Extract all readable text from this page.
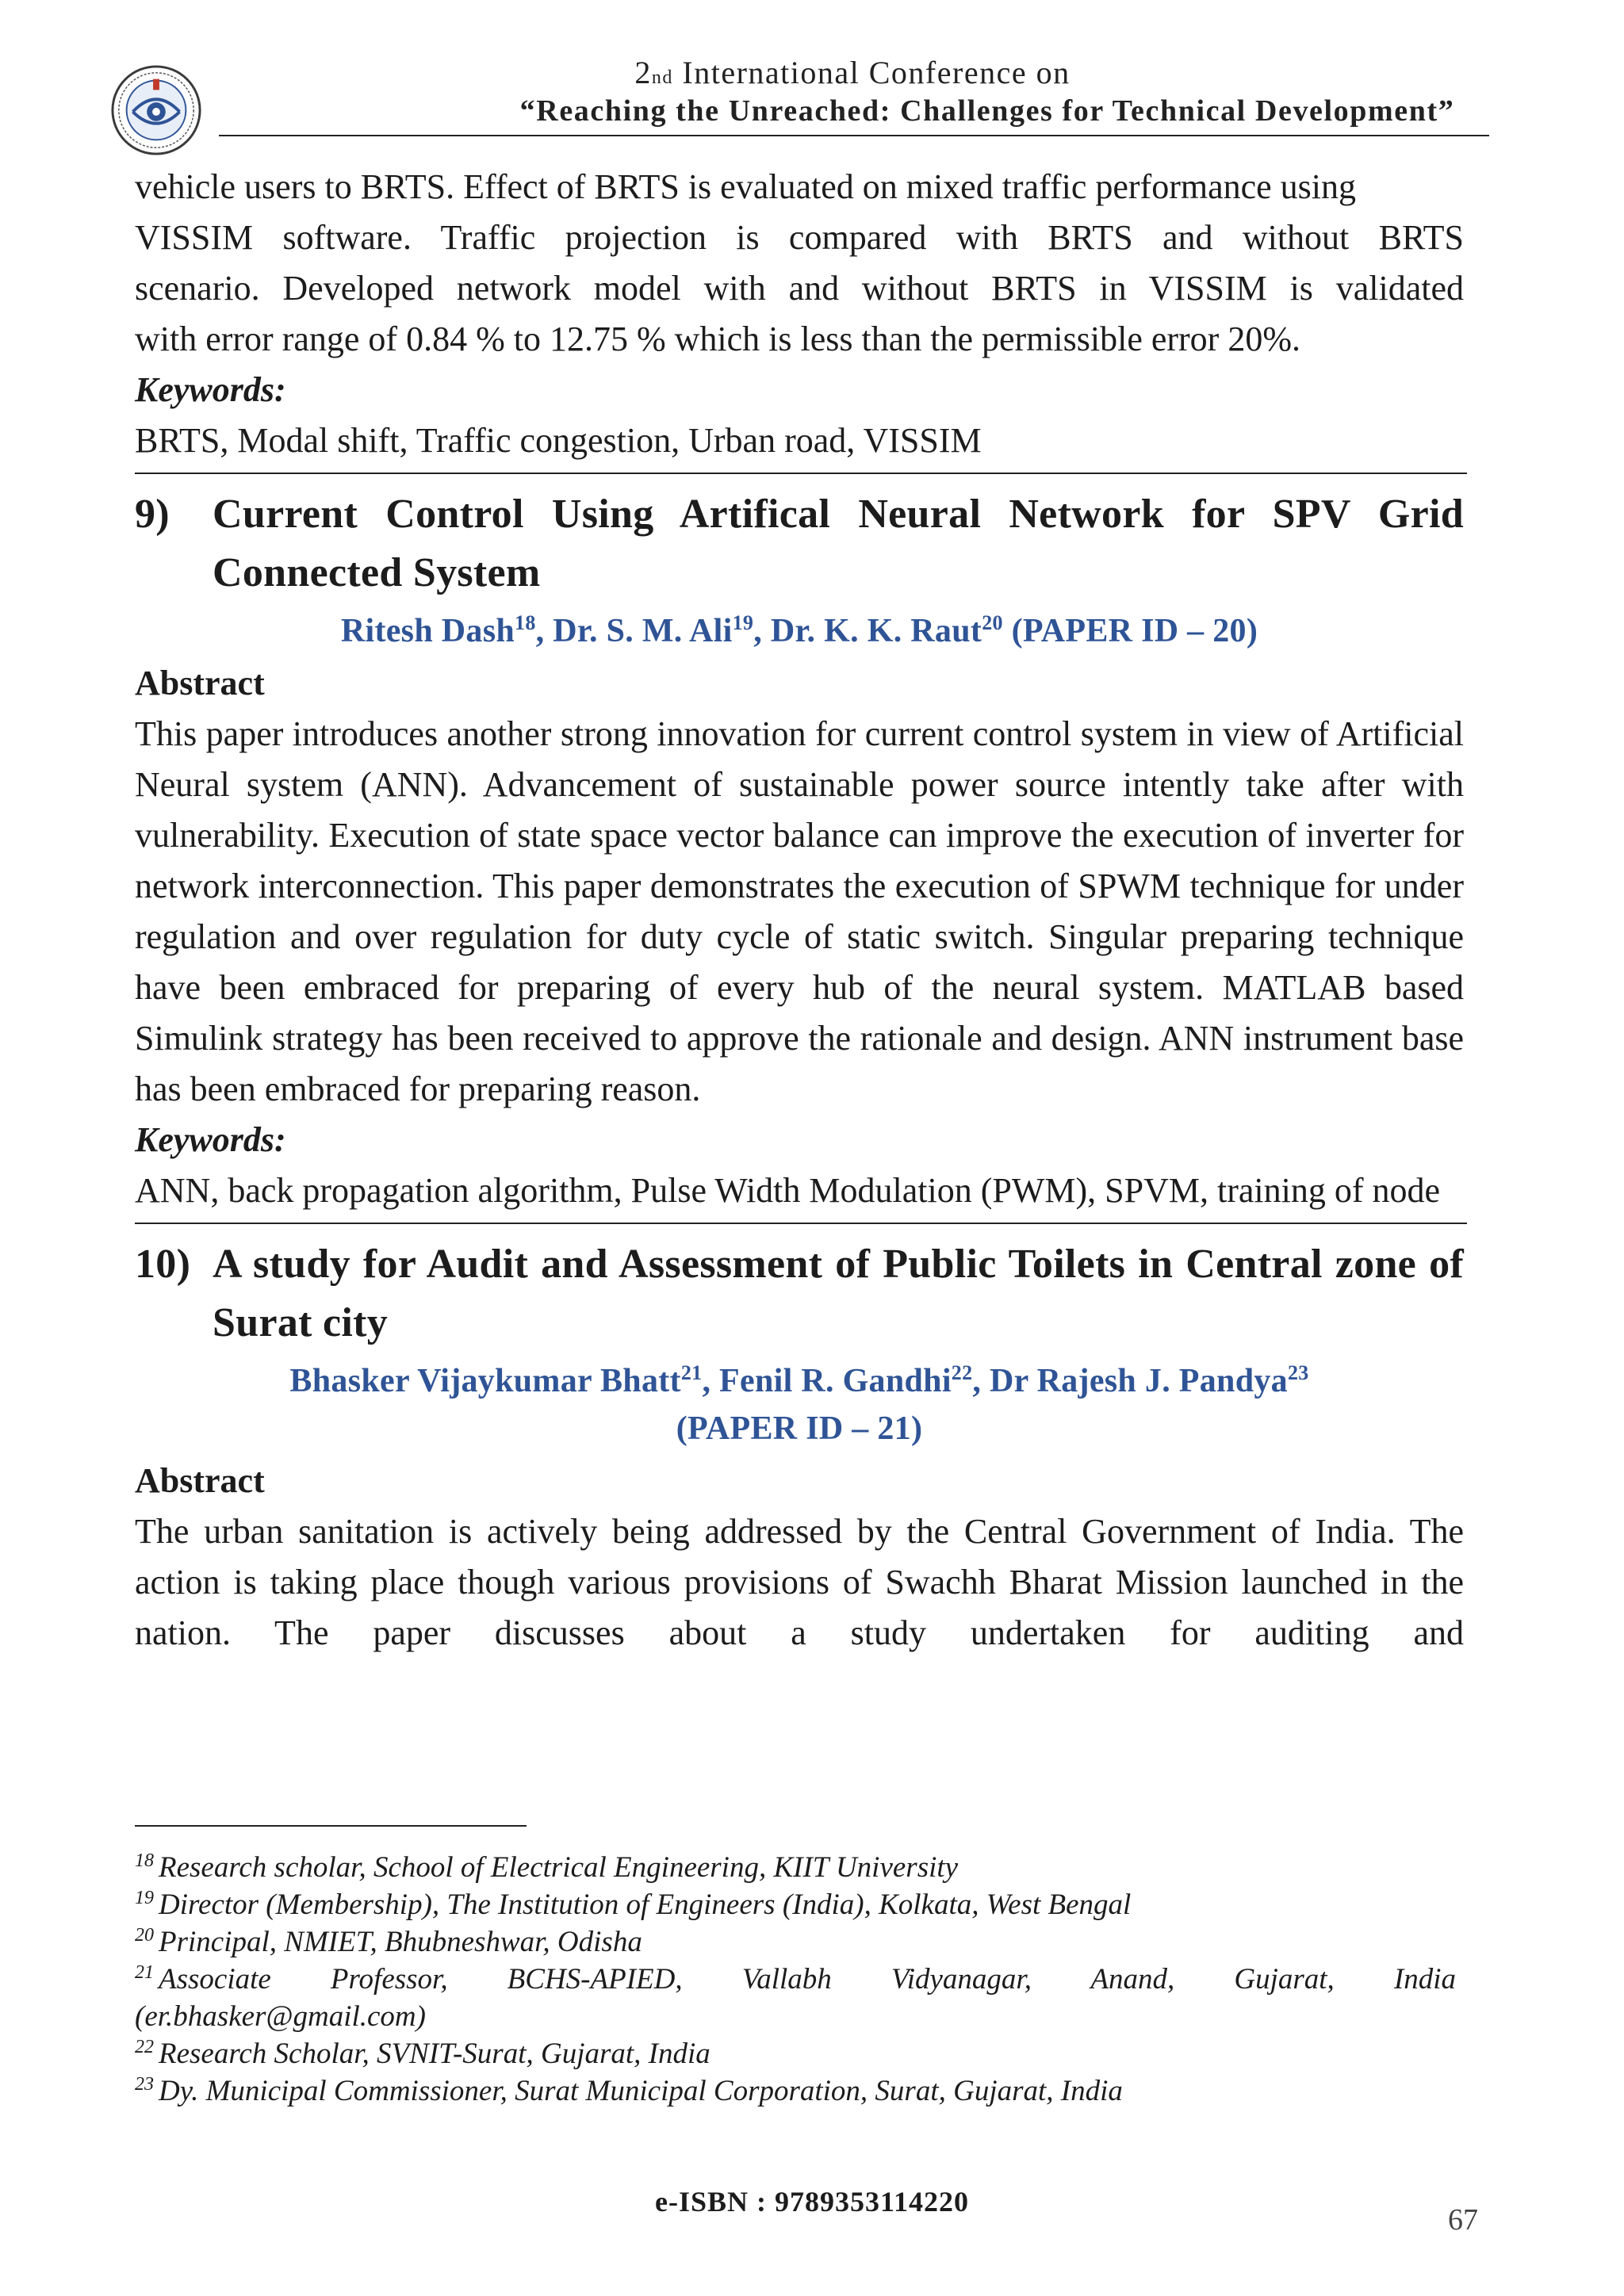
2nd International Conference on
“Reaching the Unreached: Challenges for Technical Development”

vehicle users to BRTS. Effect of BRTS is evaluated on mixed traffic performance using

VISSIM software. Traffic projection is compared with BRTS and without BRTS

scenario. Developed network model with and without BRTS in VISSIM is validated

with error range of 0.84 % to 12.75 % which is less than the permissible error 20%.

Keywords:

BRTS, Modal shift, Traffic congestion, Urban road, VISSIM

9)	Current Control Using Artifical Neural Network for SPV Grid Connected System
Ritesh Dash$^{18}$, Dr. S. M. Ali$^{19}$, Dr. K. K. Raut$^{20}$ (PAPER ID – 20)

Abstract

This paper introduces another strong innovation for current control system in view of Artificial Neural system (ANN). Advancement of sustainable power source intently take after with vulnerability. Execution of state space vector balance can improve the execution of inverter for network interconnection. This paper demonstrates the execution of SPWM technique for under regulation and over regulation for duty cycle of static switch. Singular preparing technique have been embraced for preparing of every hub of the neural system. MATLAB based Simulink strategy has been received to approve the rationale and design. ANN instrument base has been embraced for preparing reason.

Keywords:

ANN, back propagation algorithm, Pulse Width Modulation (PWM), SPVM, training of node

10) A study for Audit and Assessment of Public Toilets in Central zone of Surat city
Bhasker Vijaykumar Bhatt$^{21}$, Fenil R. Gandhi$^{22}$, Dr Rajesh J. Pandya$^{23}$
(PAPER ID – 21)

Abstract

The urban sanitation is actively being addressed by the Central Government of India. The action is taking place though various provisions of Swachh Bharat Mission launched in the nation. The paper discusses about a study undertaken for auditing and

$^{18}$ Research scholar, School of Electrical Engineering, KIIT University

$^{19}$ Director (Membership), The Institution of Engineers (India), Kolkata, West Bengal

$^{20}$ Principal, NMIET, Bhubneshwar, Odisha

$^{21}$ Associate Professor, BCHS-APIED, Vallabh Vidyanagar, Anand, Gujarat, India

(er.bhasker@gmail.com)

$^{22}$ Research Scholar, SVNIT-Surat, Gujarat, India

$^{23}$ Dy. Municipal Commissioner, Surat Municipal Corporation, Surat, Gujarat, India

e-ISBN : 9789353114220
67
